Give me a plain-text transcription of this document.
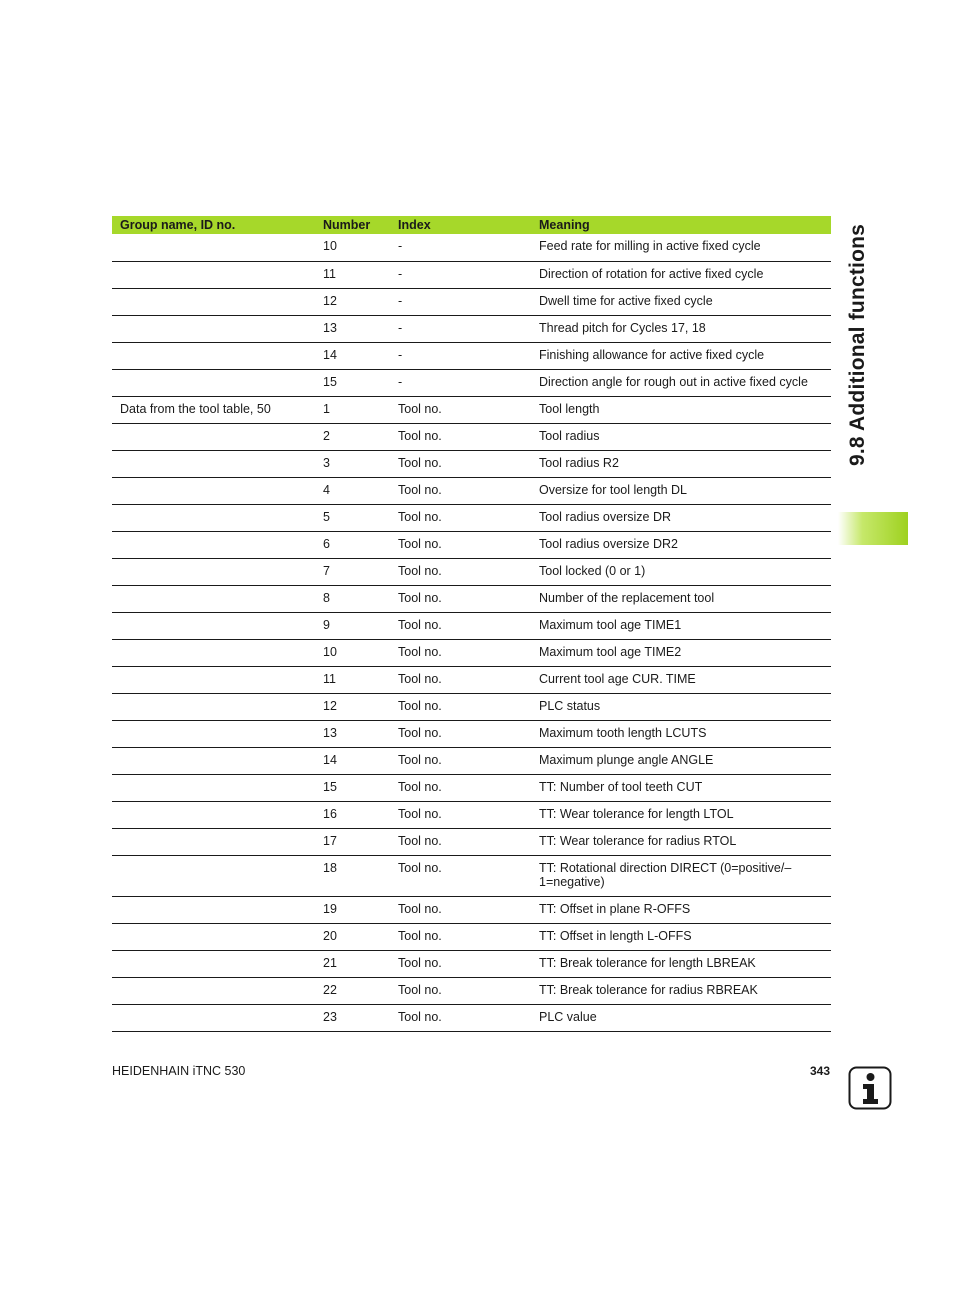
Group name, ID no.	Number	Index	Meaning
	10	-	Feed rate for milling in active fixed cycle
	11	-	Direction of rotation for active fixed cycle
	12	-	Dwell time for active fixed cycle
	13	-	Thread pitch for Cycles 17, 18
	14	-	Finishing allowance for active fixed cycle
	15	-	Direction angle for rough out in active fixed cycle
Data from the tool table, 50	1	Tool no.	Tool length
	2	Tool no.	Tool radius
	3	Tool no.	Tool radius R2
	4	Tool no.	Oversize for tool length DL
	5	Tool no.	Tool radius oversize DR
	6	Tool no.	Tool radius oversize DR2
	7	Tool no.	Tool locked (0 or 1)
	8	Tool no.	Number of the replacement tool
	9	Tool no.	Maximum tool age TIME1
	10	Tool no.	Maximum tool age TIME2
	11	Tool no.	Current tool age CUR. TIME
	12	Tool no.	PLC status
	13	Tool no.	Maximum tooth length LCUTS
	14	Tool no.	Maximum plunge angle ANGLE
	15	Tool no.	TT: Number of tool teeth CUT
	16	Tool no.	TT: Wear tolerance for length LTOL
	17	Tool no.	TT: Wear tolerance for radius RTOL
	18	Tool no.	TT: Rotational direction DIRECT (0=positive/–1=negative)
	19	Tool no.	TT: Offset in plane R-OFFS
	20	Tool no.	TT: Offset in length L-OFFS
	21	Tool no.	TT: Break tolerance for length LBREAK
	22	Tool no.	TT: Break tolerance for radius RBREAK
	23	Tool no.	PLC value
9.8 Additional functions
HEIDENHAIN iTNC 530	343
